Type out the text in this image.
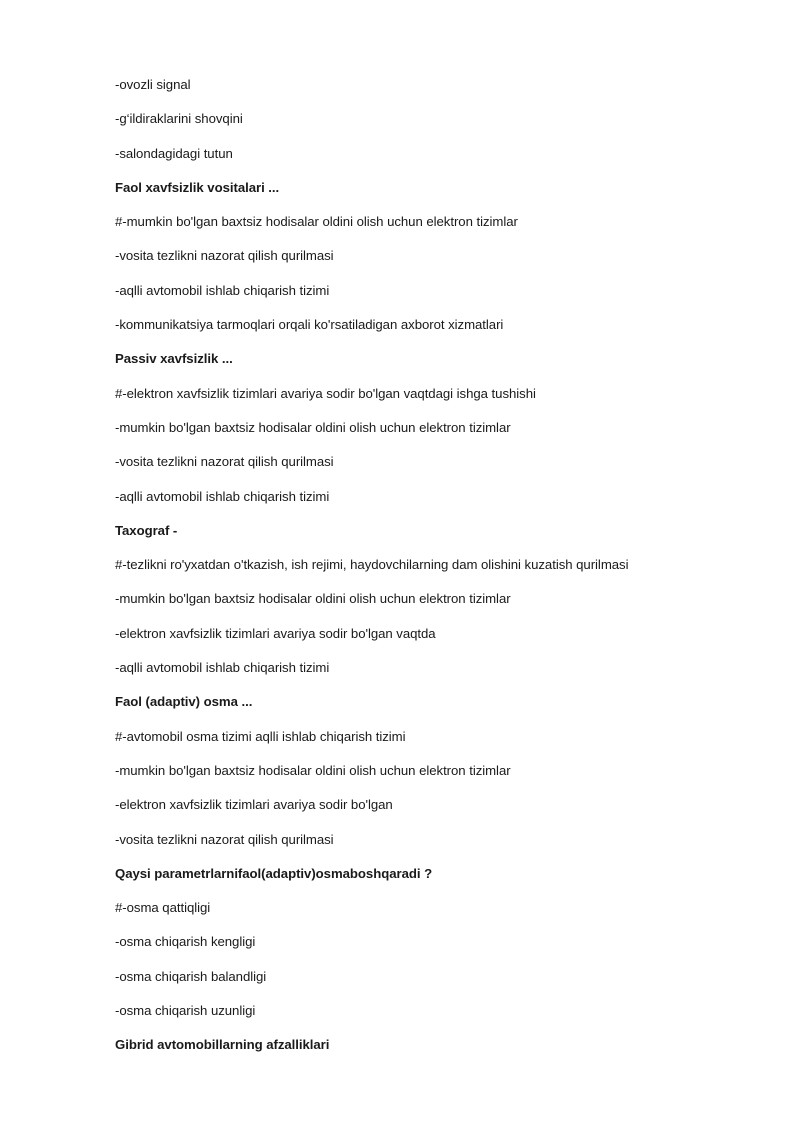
-ovozli signal
-g‘ildiraklarini shovqini
-salondagidagi tutun
Faol xavfsizlik vositalari ...
#-mumkin bo'lgan baxtsiz hodisalar oldini olish uchun elektron tizimlar
-vosita tezlikni nazorat qilish qurilmasi
-aqlli avtomobil ishlab chiqarish tizimi
-kommunikatsiya tarmoqlari orqali ko'rsatiladigan axborot xizmatlari
Passiv xavfsizlik ...
#-elektron xavfsizlik tizimlari avariya sodir bo'lgan vaqtdagi ishga tushishi
-mumkin bo'lgan baxtsiz hodisalar oldini olish uchun elektron tizimlar
-vosita tezlikni nazorat qilish qurilmasi
-aqlli avtomobil ishlab chiqarish tizimi
Taxograf -
#-tezlikni ro'yxatdan o'tkazish, ish rejimi, haydovchilarning dam olishini kuzatish qurilmasi
-mumkin bo'lgan baxtsiz hodisalar oldini olish uchun elektron tizimlar
-elektron xavfsizlik tizimlari avariya sodir bo'lgan vaqtda
-aqlli avtomobil ishlab chiqarish tizimi
Faol (adaptiv) osma ...
#-avtomobil osma tizimi aqlli ishlab chiqarish tizimi
-mumkin bo'lgan baxtsiz hodisalar oldini olish uchun elektron tizimlar
-elektron xavfsizlik tizimlari avariya sodir bo'lgan
-vosita tezlikni nazorat qilish qurilmasi
Qaysi parametrlarnifaol(adaptiv)osmaboshqaradi ?
#-osma qattiqligi
-osma chiqarish kengligi
-osma chiqarish balandligi
-osma chiqarish uzunligi
Gibrid avtomobillarning afzalliklari
